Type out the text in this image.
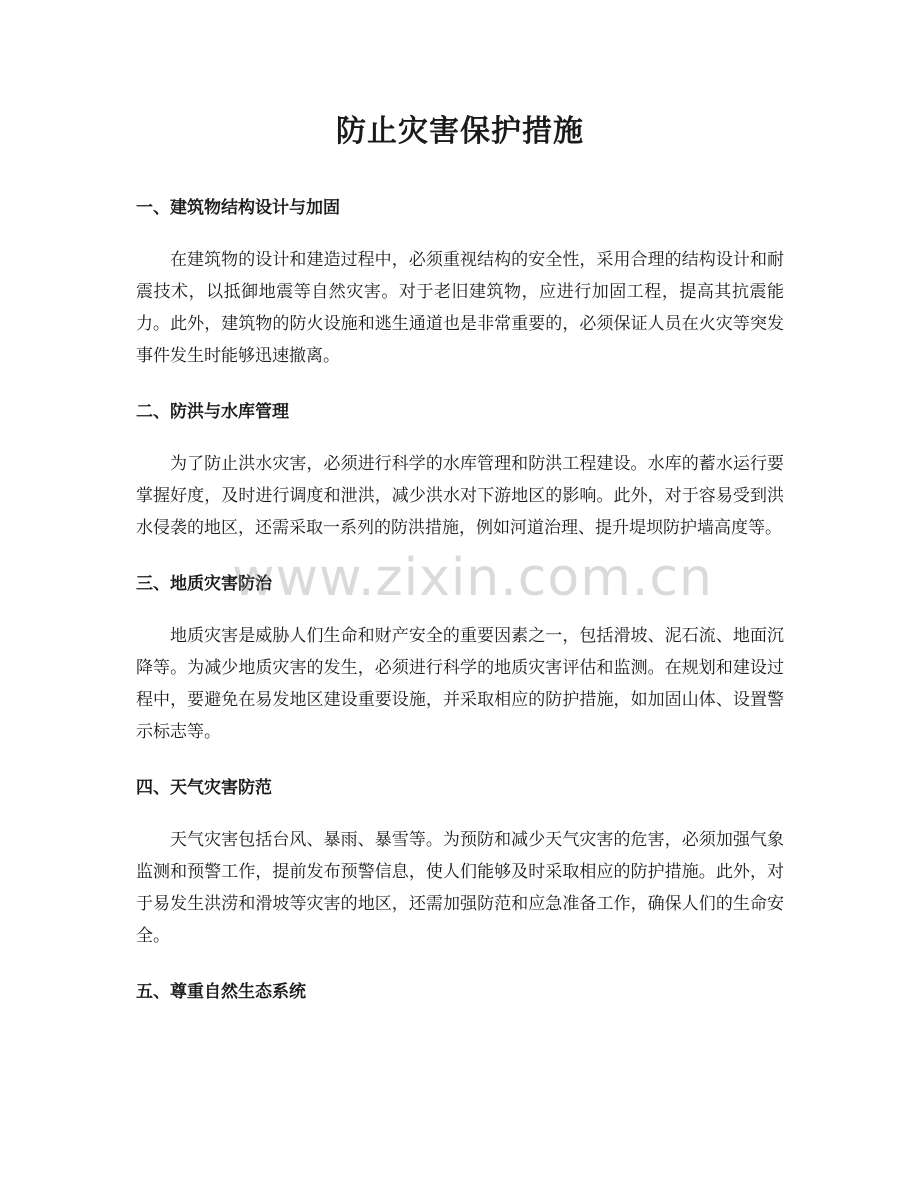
防止灾害保护措施
一、建筑物结构设计与加固

在建筑物的设计和建造过程中，必须重视结构的安全性，采用合理的结构设计和耐震技术，以抵御地震等自然灾害。对于老旧建筑物，应进行加固工程，提高其抗震能力。此外，建筑物的防火设施和逃生通道也是非常重要的，必须保证人员在火灾等突发事件发生时能够迅速撤离。

二、防洪与水库管理

为了防止洪水灾害，必须进行科学的水库管理和防洪工程建设。水库的蓄水运行要掌握好度，及时进行调度和泄洪，减少洪水对下游地区的影响。此外，对于容易受到洪水侵袭的地区，还需采取一系列的防洪措施，例如河道治理、提升堤坝防护墙高度等。

三、地质灾害防治

地质灾害是威胁人们生命和财产安全的重要因素之一，包括滑坡、泥石流、地面沉降等。为减少地质灾害的发生，必须进行科学的地质灾害评估和监测。在规划和建设过程中，要避免在易发地区建设重要设施，并采取相应的防护措施，如加固山体、设置警示标志等。

四、天气灾害防范

天气灾害包括台风、暴雨、暴雪等。为预防和减少天气灾害的危害，必须加强气象监测和预警工作，提前发布预警信息，使人们能够及时采取相应的防护措施。此外，对于易发生洪涝和滑坡等灾害的地区，还需加强防范和应急准备工作，确保人们的生命安全。

五、尊重自然生态系统
www.zixin.com.cn
